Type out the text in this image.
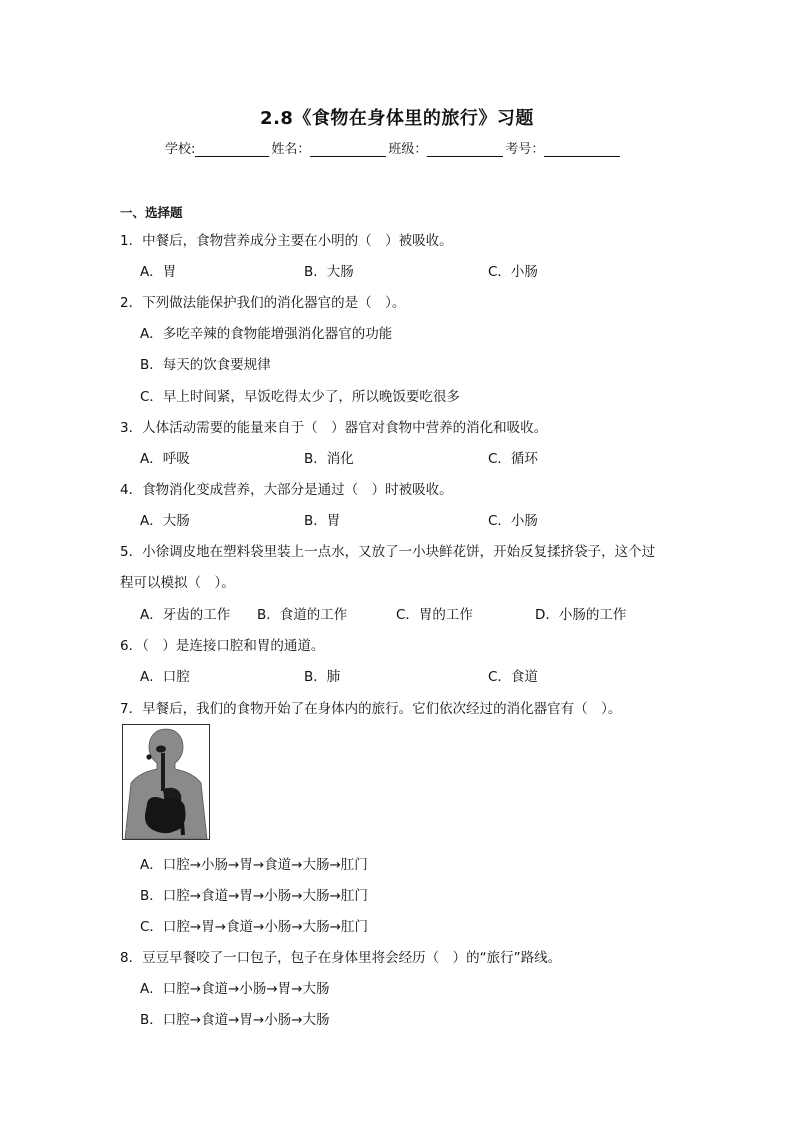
2.8《食物在身体里的旅行》习题
学校:	姓名：	班级：	考号：
一、选择题
1．中餐后，食物营养成分主要在小明的（　）被吸收。
A．胃	B．大肠	C．小肠
2．下列做法能保护我们的消化器官的是（　）。
A．多吃辛辣的食物能增强消化器官的功能
B．每天的饮食要规律
C．早上时间紧，早饭吃得太少了，所以晚饭要吃很多
3．人体活动需要的能量来自于（　）器官对食物中营养的消化和吸收。
A．呼吸	B．消化	C．循环
4．食物消化变成营养，大部分是通过（　）时被吸收。
A．大肠	B．胃	C．小肠
5．小徐调皮地在塑料袋里装上一点水，又放了一小块鲜花饼，开始反复揉挤袋子，这个过
程可以模拟（　）。
A．牙齿的工作 B．食道的工作	C．胃的工作	D．小肠的工作
6．（　）是连接口腔和胃的通道。
A．口腔	B．肺	C．食道
7．早餐后，我们的食物开始了在身体内的旅行。它们依次经过的消化器官有（　）。
·
A．口腔→小肠→胃→食道→大肠→肛门
B．口腔→食道→胃→小肠→大肠→肛门
C．口腔→胃→食道→小肠→大肠→肛门
8．豆豆早餐咬了一口包子，包子在身体里将会经历（　）的“旅行”路线。
A．口腔→食道→小肠→胃→大肠
B．口腔→食道→胃→小肠→大肠
